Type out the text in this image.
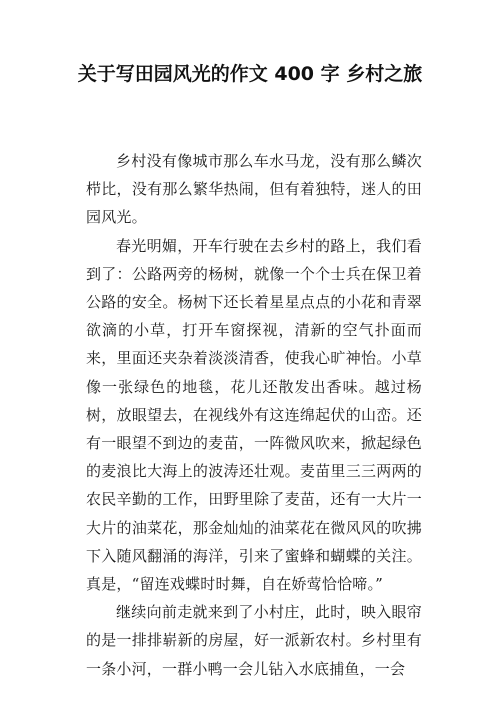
关于写田园风光的作文 400 字 乡村之旅

乡村没有像城市那么车水马龙，没有那么鳞次栉比，没有那么繁华热闹，但有着独特，迷人的田园风光。

春光明媚，开车行驶在去乡村的路上，我们看到了：公路两旁的杨树，就像一个个士兵在保卫着公路的安全。杨树下还长着星星点点的小花和青翠欲滴的小草，打开车窗探视，清新的空气扑面而来，里面还夹杂着淡淡清香，使我心旷神怡。小草像一张绿色的地毯，花儿还散发出香味。越过杨树，放眼望去，在视线外有这连绵起伏的山峦。还有一眼望不到边的麦苗，一阵微风吹来，掀起绿色的麦浪比大海上的波涛还壮观。麦苗里三三两两的农民辛勤的工作，田野里除了麦苗，还有一大片一大片的油菜花，那金灿灿的油菜花在微风风的吹拂下入随风翻涌的海洋，引来了蜜蜂和蝴蝶的关注。真是，“留连戏蝶时时舞，自在娇莺恰恰啼。”

继续向前走就来到了小村庄，此时，映入眼帘的是一排排崭新的房屋，好一派新农村。乡村里有一条小河，一群小鸭一会儿钻入水底捕鱼，一会
